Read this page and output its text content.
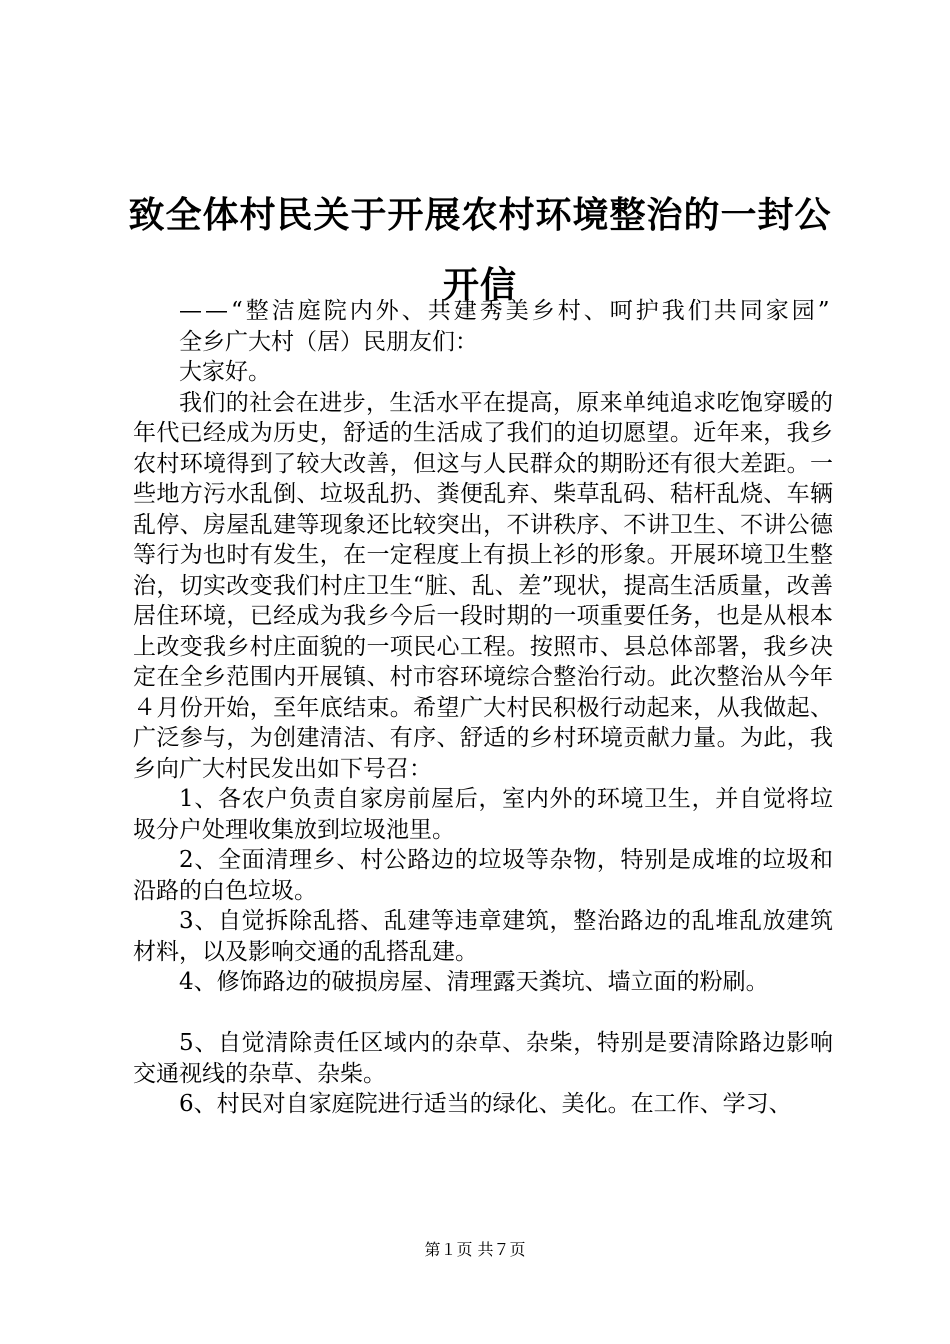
致全体村民关于开展农村环境整治的一封公开信

——“整洁庭院内外、共建秀美乡村、呵护我们共同家园”

全乡广大村（居）民朋友们：

大家好。

我们的社会在进步，生活水平在提高，原来单纯追求吃饱穿暖的年代已经成为历史，舒适的生活成了我们的迫切愿望。近年来，我乡农村环境得到了较大改善，但这与人民群众的期盼还有很大差距。一些地方污水乱倒、垃圾乱扔、粪便乱弃、柴草乱码、秸杆乱烧、车辆乱停、房屋乱建等现象还比较突出，不讲秩序、不讲卫生、不讲公德等行为也时有发生，在一定程度上有损上衫的形象。开展环境卫生整治，切实改变我们村庄卫生“脏、乱、差”现状，提高生活质量，改善居住环境，已经成为我乡今后一段时期的一项重要任务，也是从根本上改变我乡村庄面貌的一项民心工程。按照市、县总体部署，我乡决定在全乡范围内开展镇、村市容环境综合整治行动。此次整治从今年４月份开始，至年底结束。希望广大村民积极行动起来，从我做起、广泛参与，为创建清洁、有序、舒适的乡村环境贡献力量。为此，我乡向广大村民发出如下号召：

1、各农户负责自家房前屋后，室内外的环境卫生，并自觉将垃圾分户处理收集放到垃圾池里。

2、全面清理乡、村公路边的垃圾等杂物，特别是成堆的垃圾和沿路的白色垃圾。

3、自觉拆除乱搭、乱建等违章建筑，整治路边的乱堆乱放建筑材料，以及影响交通的乱搭乱建。

4、修饰路边的破损房屋、清理露天粪坑、墙立面的粉刷。

5、自觉清除责任区域内的杂草、杂柴，特别是要清除路边影响交通视线的杂草、杂柴。

6、村民对自家庭院进行适当的绿化、美化。在工作、学习、

第１页 共７页
